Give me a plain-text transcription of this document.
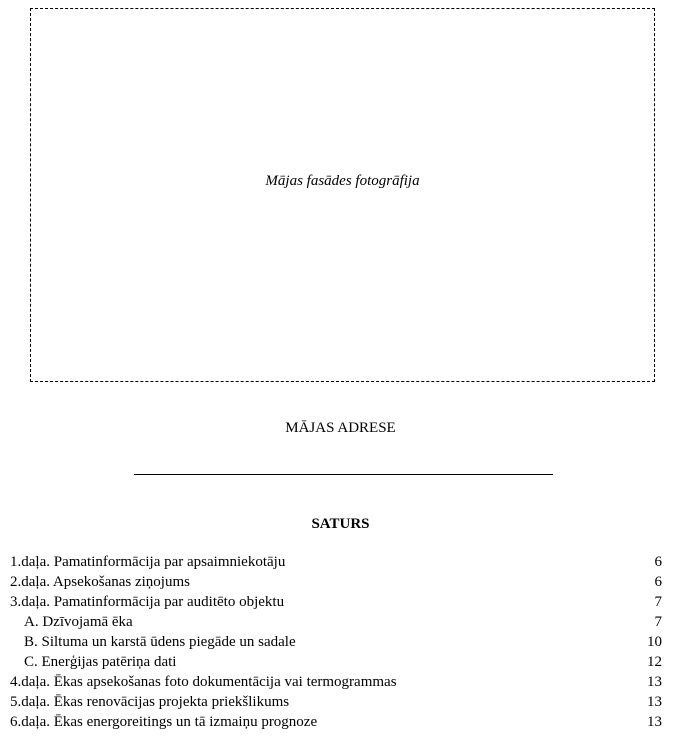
Mājas fasādes fotogrāfija
MĀJAS ADRESE
SATURS
1.daļa. Pamatinformācija par apsaimniekotāju	6
2.daļa. Apsekošanas ziņojums	6
3.daļa. Pamatinformācija par auditēto objektu	7
A. Dzīvojamā ēka	7
B. Siltuma un karstā ūdens piegāde un sadale	10
C. Enerģijas patēriņa dati	12
4.daļa. Ēkas apsekošanas foto dokumentācija vai termogrammas	13
5.daļa. Ēkas renovācijas projekta priekšlikums	13
6.daļa. Ēkas energoreitings un tā izmaiņu prognoze	13
